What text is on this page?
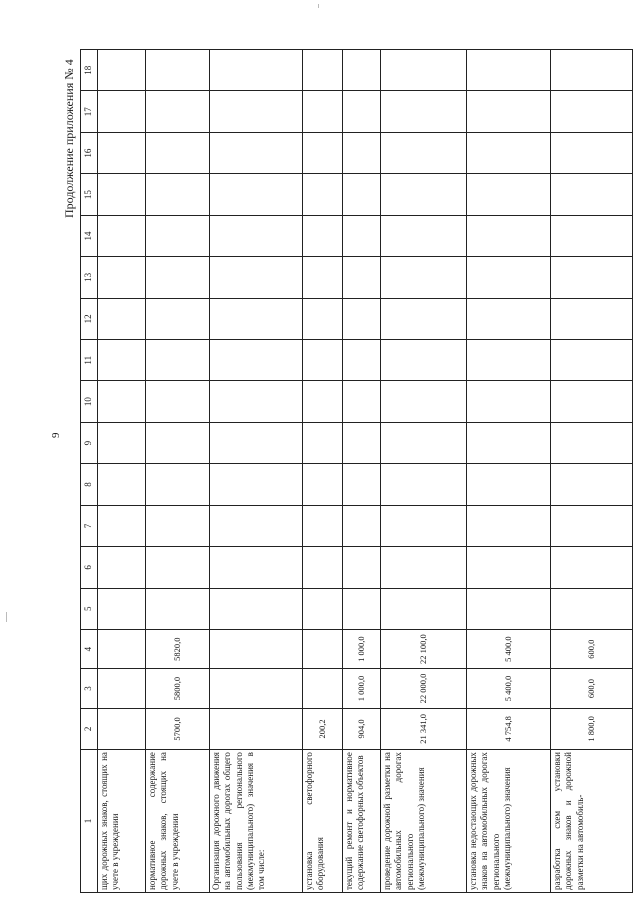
9
Продолжение приложения № 4
1	2	3	4	5	6	7	8	9	10	11	12	13	14	15	16	17	18
щих дорожных знаков, стоящих на учете в учреждении																	
нормативное содержание дорожных знаков, стоящих на учете в учреждении	5700,0	5800,0	5820,0														
Организация дорожного движения на автомобильных дорогах общего пользования регионального (межмуниципального) значения в том числе:																	
установка светофорного оборудования	200,2																
текущий ремонт и нормативное содержание светофорных объектов	904,0	1 000,0	1 000,0														
проведение дорожной разметки на автомобильных дорогах регионального (межмуниципального) значения	21 341,0	22 000,0	22 100,0														
установка недостающих дорожных знаков на автомобильных дорогах регионального (межмуниципального) значения	4 754,8	5 400,0	5 400,0														
разработка схем установки дорожных знаков и дорожной разметки на автомобиль-	1 800,0	600,0	600,0														
